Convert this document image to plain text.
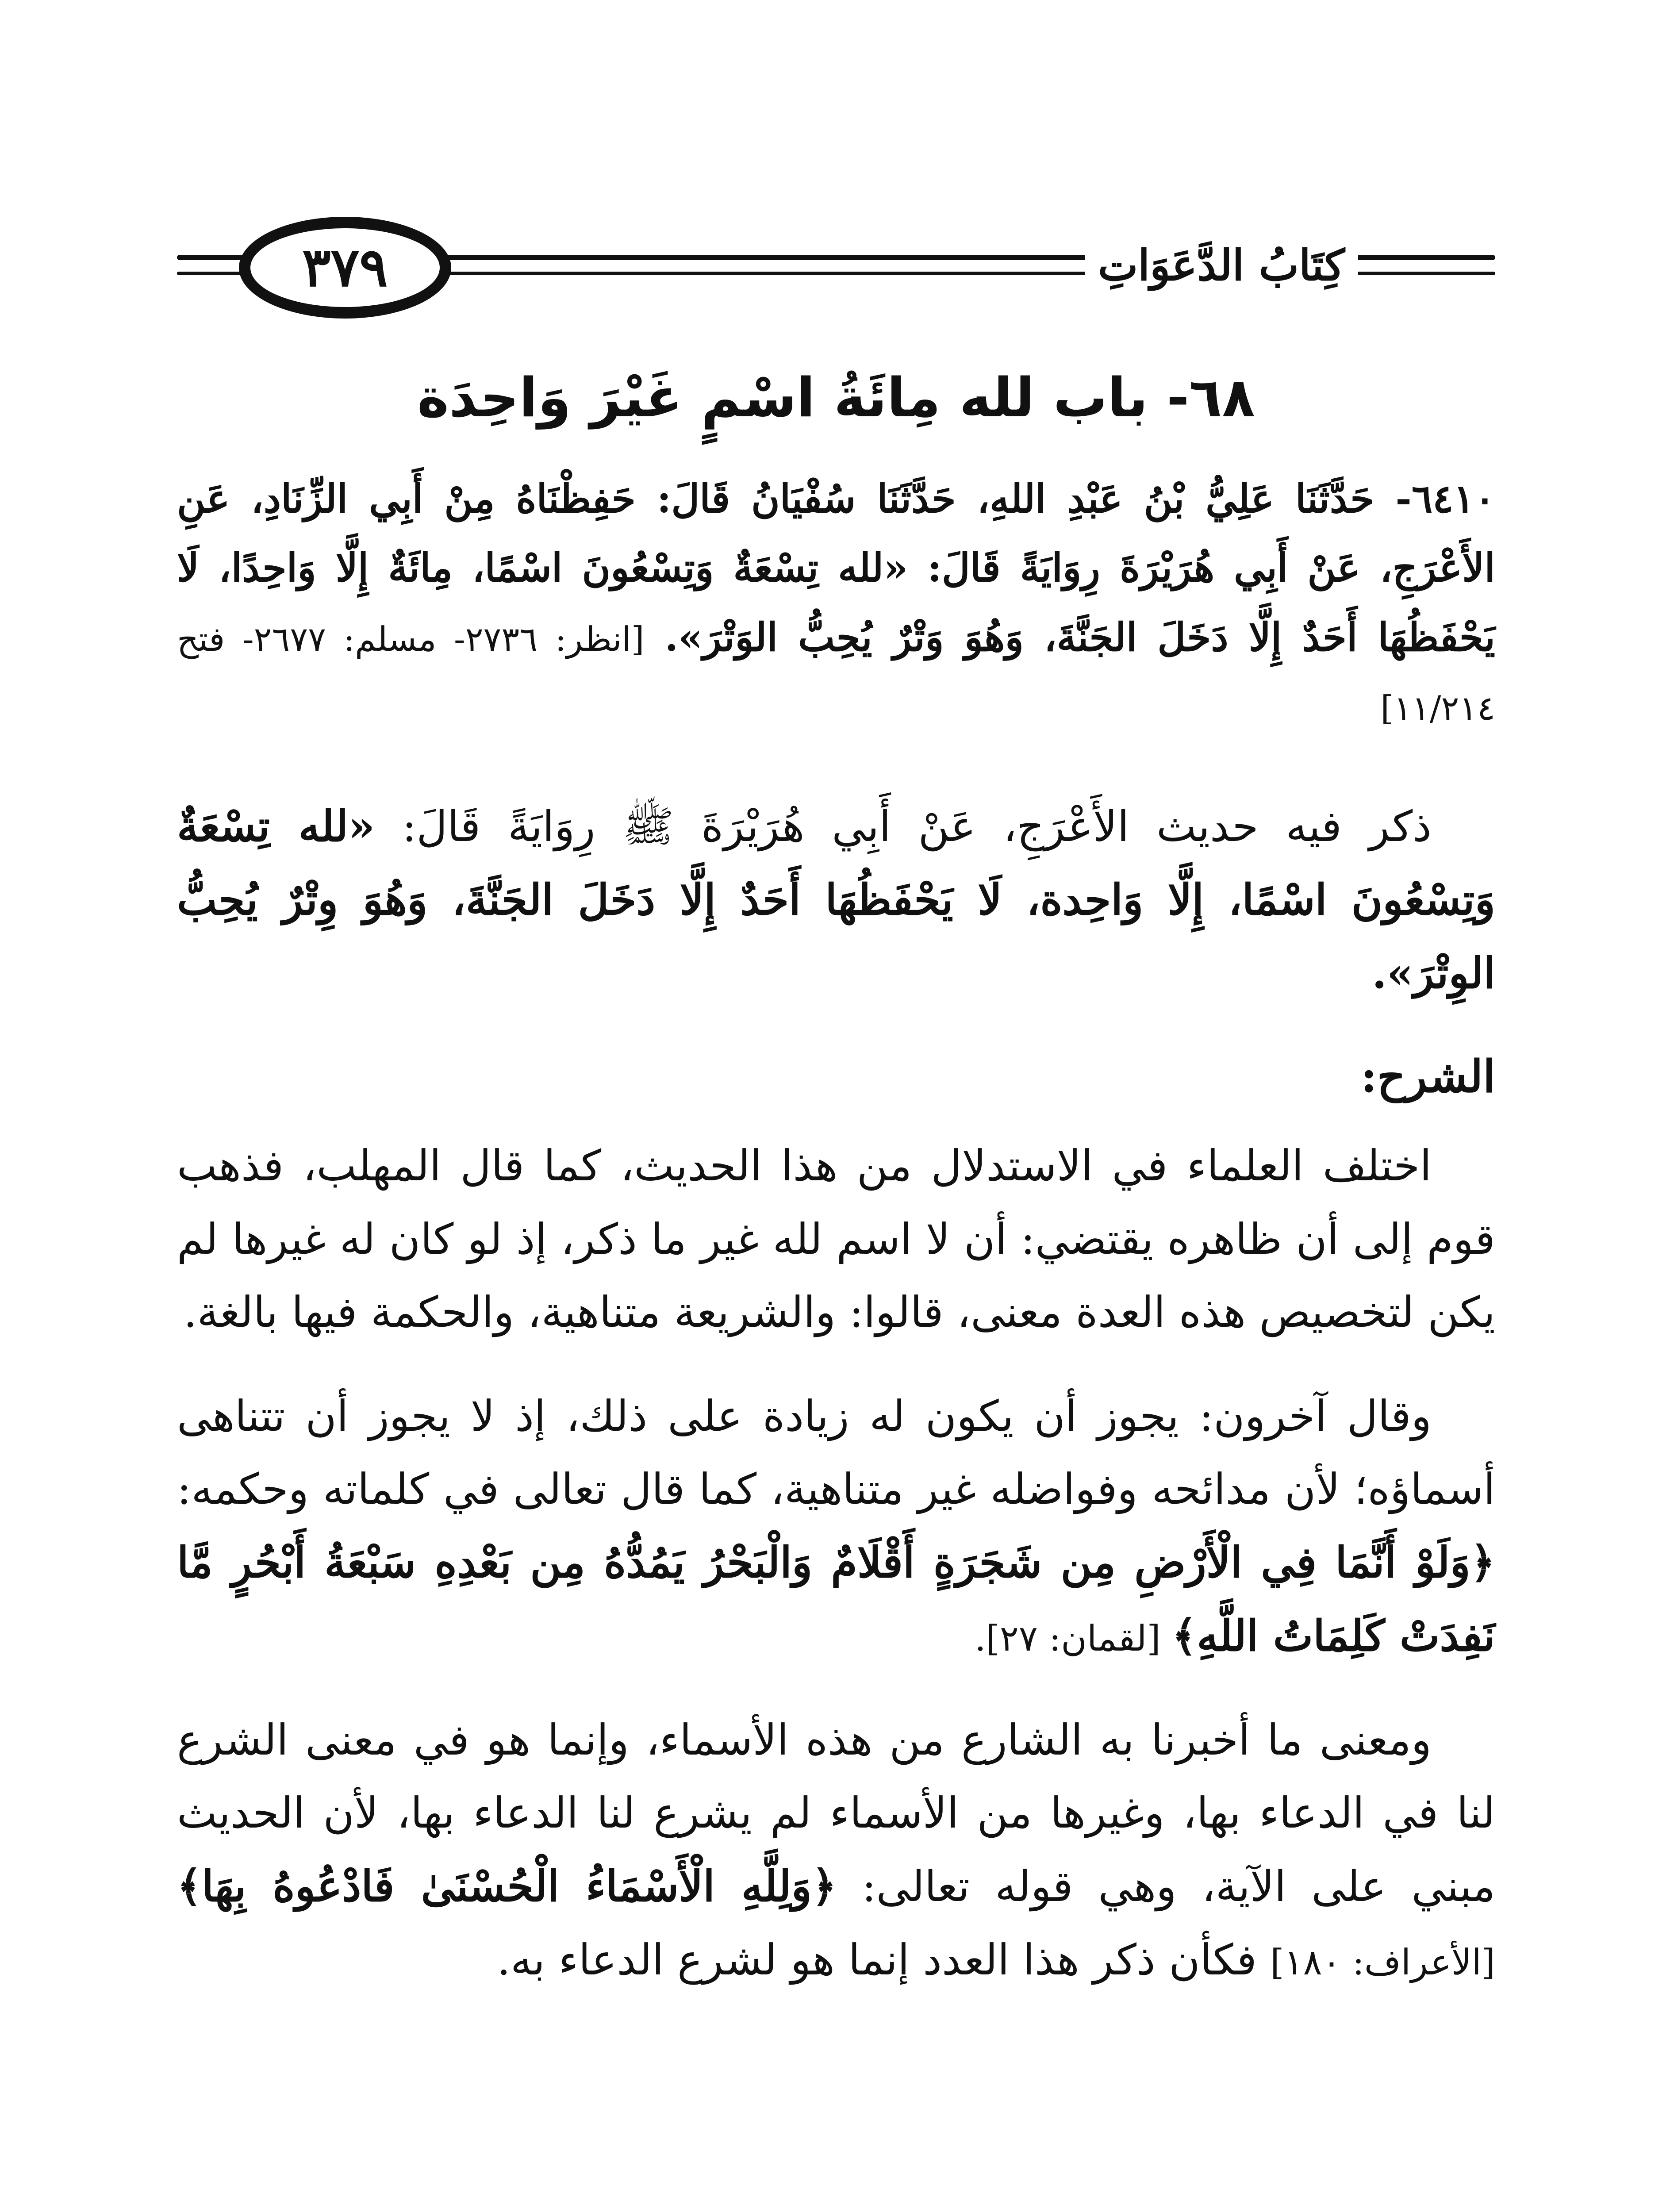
٣٧٩	كِتَابُ الدَّعَوَاتِ
٦٨- باب لله مِائَةُ اسْمٍ غَيْرَ وَاحِدَة

٦٤١٠- حَدَّثَنَا عَلِيُّ بْنُ عَبْدِ اللهِ، حَدَّثَنَا سُفْيَانُ قَالَ: حَفِظْنَاهُ مِنْ أَبِي الزِّنَادِ، عَنِ الأَعْرَجِ، عَنْ أَبِي هُرَيْرَةَ رِوَايَةً قَالَ: «لله تِسْعَةٌ وَتِسْعُونَ اسْمًا، مِائَةٌ إِلَّا وَاحِدًا، لَا يَحْفَظُهَا أَحَدٌ إِلَّا دَخَلَ الجَنَّةَ، وَهُوَ وَتْرٌ يُحِبُّ الوَتْرَ». [انظر: ٢٧٣٦- مسلم: ٢٦٧٧- فتح ١١/٢١٤]

ذكر فيه حديث الأَعْرَجِ، عَنْ أَبِي هُرَيْرَةَ ﷺ رِوَايَةً قَالَ: «لله تِسْعَةٌ وَتِسْعُونَ اسْمًا، إِلَّا وَاحِدة، لَا يَحْفَظُهَا أَحَدٌ إِلَّا دَخَلَ الجَنَّةَ، وَهُوَ وِتْرٌ يُحِبُّ الوِتْرَ».

الشرح:

اختلف العلماء في الاستدلال من هذا الحديث، كما قال المهلب، فذهب قوم إلى أن ظاهره يقتضي: أن لا اسم لله غير ما ذكر، إذ لو كان له غيرها لم يكن لتخصيص هذه العدة معنى، قالوا: والشريعة متناهية، والحكمة فيها بالغة.

وقال آخرون: يجوز أن يكون له زيادة على ذلك، إذ لا يجوز أن تتناهى أسماؤه؛ لأن مدائحه وفواضله غير متناهية، كما قال تعالى في كلماته وحكمه: ﴿وَلَوْ أَنَّمَا فِي الْأَرْضِ مِن شَجَرَةٍ أَقْلَامٌ وَالْبَحْرُ يَمُدُّهُ مِن بَعْدِهِ سَبْعَةُ أَبْحُرٍ مَّا نَفِدَتْ كَلِمَاتُ اللَّهِ﴾ [لقمان: ٢٧].

ومعنى ما أخبرنا به الشارع من هذه الأسماء، وإنما هو في معنى الشرع لنا في الدعاء بها، وغيرها من الأسماء لم يشرع لنا الدعاء بها، لأن الحديث مبني على الآية، وهي قوله تعالى: ﴿وَلِلَّهِ الْأَسْمَاءُ الْحُسْنَىٰ فَادْعُوهُ بِهَا﴾ [الأعراف: ١٨٠] فكأن ذكر هذا العدد إنما هو لشرع الدعاء به.
